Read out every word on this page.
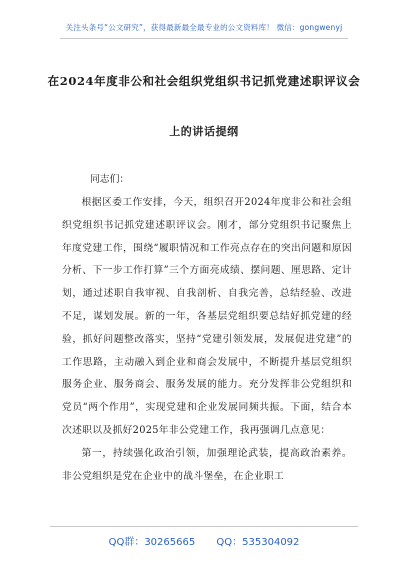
关注头条号“公文研究”，获得最新最全最专业的公文资料库！ 微信：gongwenyj
在2024年度非公和社会组织党组织书记抓党建述职评议会
上的讲话提纲
同志们：

根据区委工作安排，今天，组织召开2024年度非公和社会组织党组织书记抓党建述职评议会。刚才，部分党组织书记聚焦上年度党建工作，围绕“履职情况和工作亮点存在的突出问题和原因分析、下一步工作打算”三个方面亮成绩、摆问题、厘思路、定计划，通过述职自我审视、自我剖析、自我完善，总结经验、改进不足，谋划发展。新的一年，各基层党组织要总结好抓党建的经验，抓好问题整改落实，坚持“党建引领发展，发展促进党建”的工作思路，主动融入到企业和商会发展中，不断提升基层党组织服务企业、服务商会、服务发展的能力。充分发挥非公党组织和党员“两个作用”，实现党建和企业发展同频共振。下面，结合本次述职以及抓好2025年非公党建工作，我再强调几点意见：

第一，持续强化政治引领，加强理论武装，提高政治素养。非公党组织是党在企业中的战斗堡垒，在企业职工

QQ群：30265665 QQ：535304092
